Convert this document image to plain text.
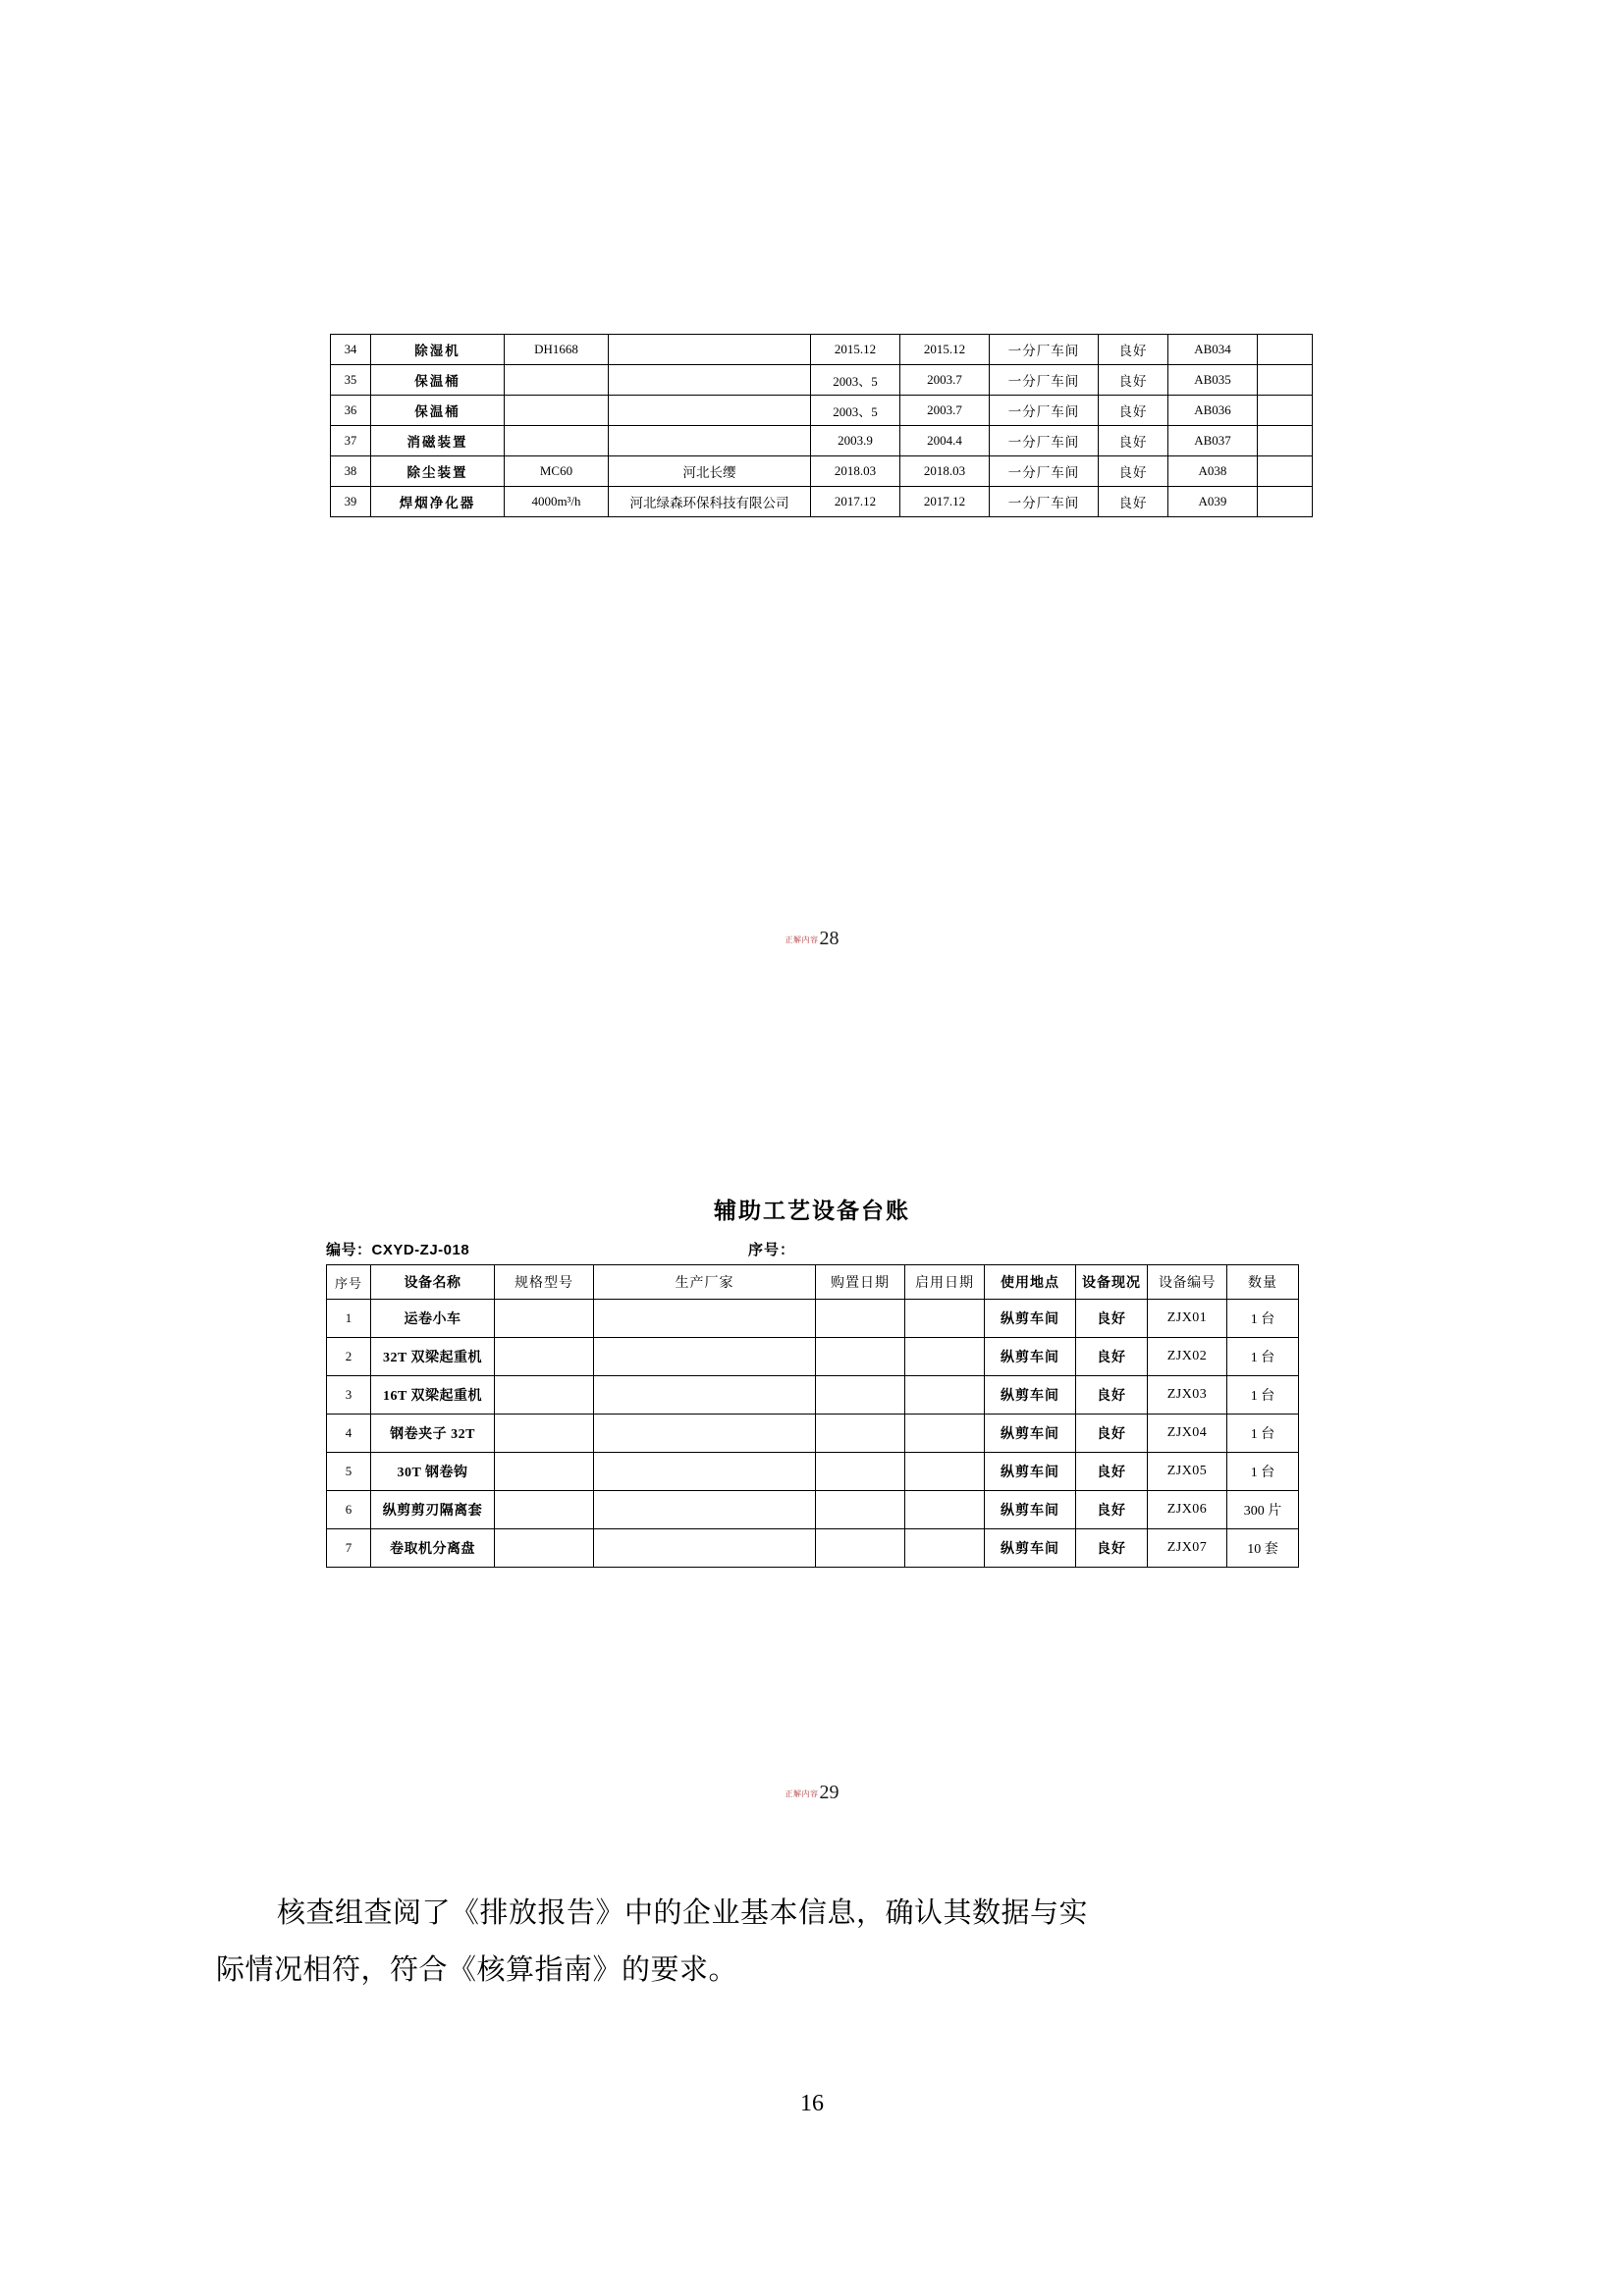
34	除湿机	DH1668		2015.12	2015.12	一分厂车间	良好	AB034	
35	保温桶			2003、5	2003.7	一分厂车间	良好	AB035	
36	保温桶			2003、5	2003.7	一分厂车间	良好	AB036	
37	消磁装置			2003.9	2004.4	一分厂车间	良好	AB037	
38	除尘装置	MC60	河北长缨	2018.03	2018.03	一分厂车间	良好	A038	
39	焊烟净化器	4000m³/h	河北绿森环保科技有限公司	2017.12	2017.12	一分厂车间	良好	A039	
正解内容28
辅助工艺设备台账
编号：CXYD-ZJ-018	序号：
序号	设备名称	规格型号	生产厂家	购置日期	启用日期	使用地点	设备现况	设备编号	数量
1	运卷小车					纵剪车间	良好	ZJX01	1 台
2	32T 双梁起重机					纵剪车间	良好	ZJX02	1 台
3	16T 双梁起重机					纵剪车间	良好	ZJX03	1 台
4	钢卷夹子 32T					纵剪车间	良好	ZJX04	1 台
5	30T 钢卷钩					纵剪车间	良好	ZJX05	1 台
6	纵剪剪刃隔离套					纵剪车间	良好	ZJX06	300 片
7	卷取机分离盘					纵剪车间	良好	ZJX07	10 套
正解内容29
核查组查阅了《排放报告》中的企业基本信息，确认其数据与实
际情况相符，符合《核算指南》的要求。
16
